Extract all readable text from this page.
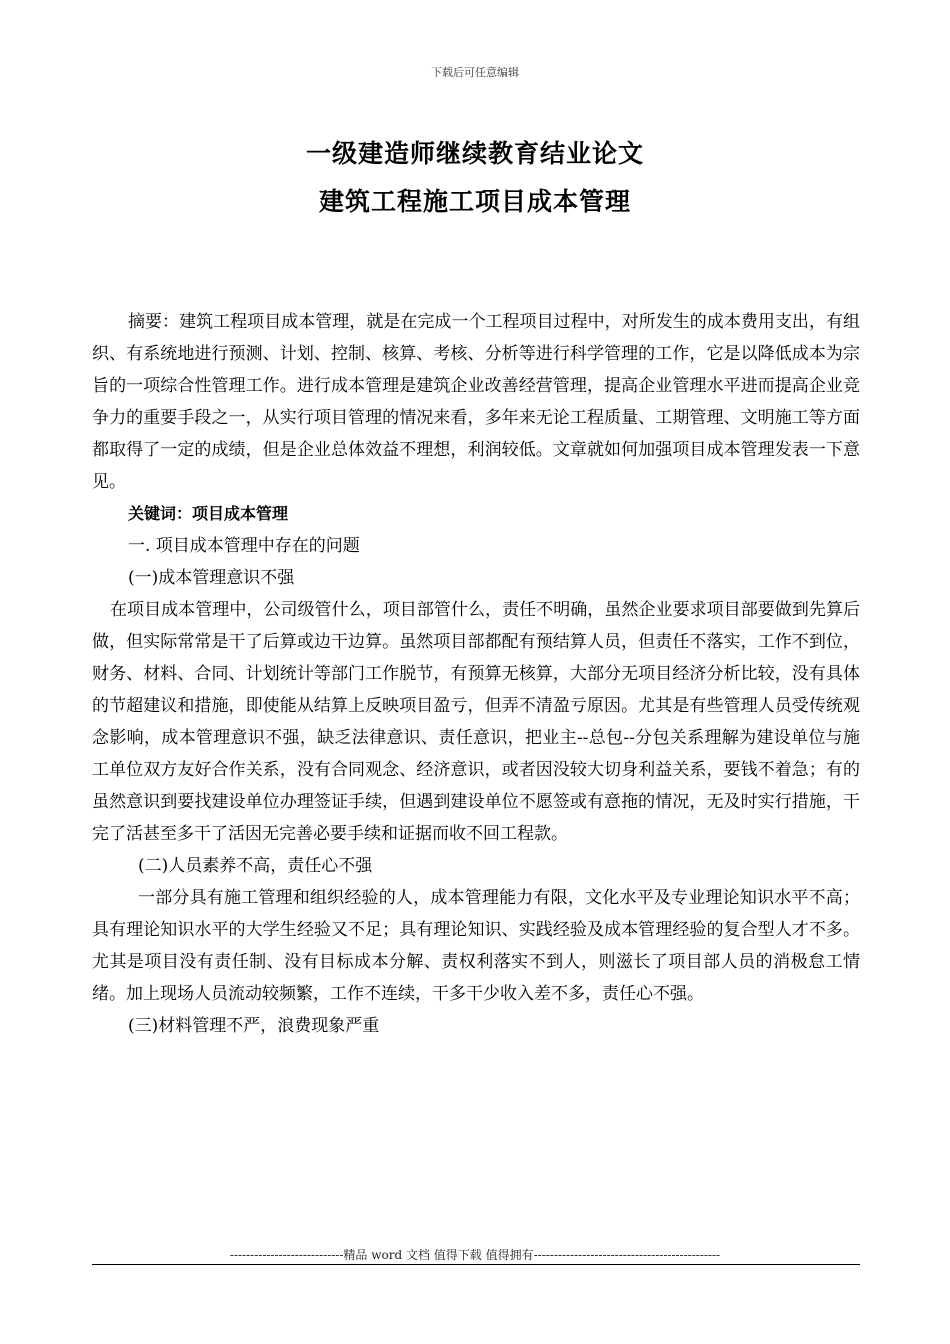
下载后可任意编辑
一级建造师继续教育结业论文
建筑工程施工项目成本管理

摘要：建筑工程项目成本管理，就是在完成一个工程项目过程中，对所发生的成本费用支出，有组织、有系统地进行预测、计划、控制、核算、考核、分析等进行科学管理的工作，它是以降低成本为宗旨的一项综合性管理工作。进行成本管理是建筑企业改善经营管理，提高企业管理水平进而提高企业竞争力的重要手段之一，从实行项目管理的情况来看，多年来无论工程质量、工期管理、文明施工等方面都取得了一定的成绩，但是企业总体效益不理想，利润较低。文章就如何加强项目成本管理发表一下意见。

关键词：项目成本管理

一. 项目成本管理中存在的问题

(一)成本管理意识不强

在项目成本管理中，公司级管什么，项目部管什么，责任不明确，虽然企业要求项目部要做到先算后做，但实际常常是干了后算或边干边算。虽然项目部都配有预结算人员，但责任不落实，工作不到位，财务、材料、合同、计划统计等部门工作脱节，有预算无核算，大部分无项目经济分析比较，没有具体的节超建议和措施，即使能从结算上反映项目盈亏，但弄不清盈亏原因。尤其是有些管理人员受传统观念影响，成本管理意识不强，缺乏法律意识、责任意识，把业主--总包--分包关系理解为建设单位与施工单位双方友好合作关系，没有合同观念、经济意识，或者因没较大切身利益关系，要钱不着急；有的虽然意识到要找建设单位办理签证手续，但遇到建设单位不愿签或有意拖的情况，无及时实行措施，干完了活甚至多干了活因无完善必要手续和证据而收不回工程款。

(二)人员素养不高，责任心不强

一部分具有施工管理和组织经验的人，成本管理能力有限，文化水平及专业理论知识水平不高；具有理论知识水平的大学生经验又不足；具有理论知识、实践经验及成本管理经验的复合型人才不多。尤其是项目没有责任制、没有目标成本分解、责权利落实不到人，则滋长了项目部人员的消极怠工情绪。加上现场人员流动较频繁，工作不连续，干多干少收入差不多，责任心不强。

(三)材料管理不严，浪费现象严重

----------------------------精品 word 文档 值得下载 值得拥有----------------------------------------------
